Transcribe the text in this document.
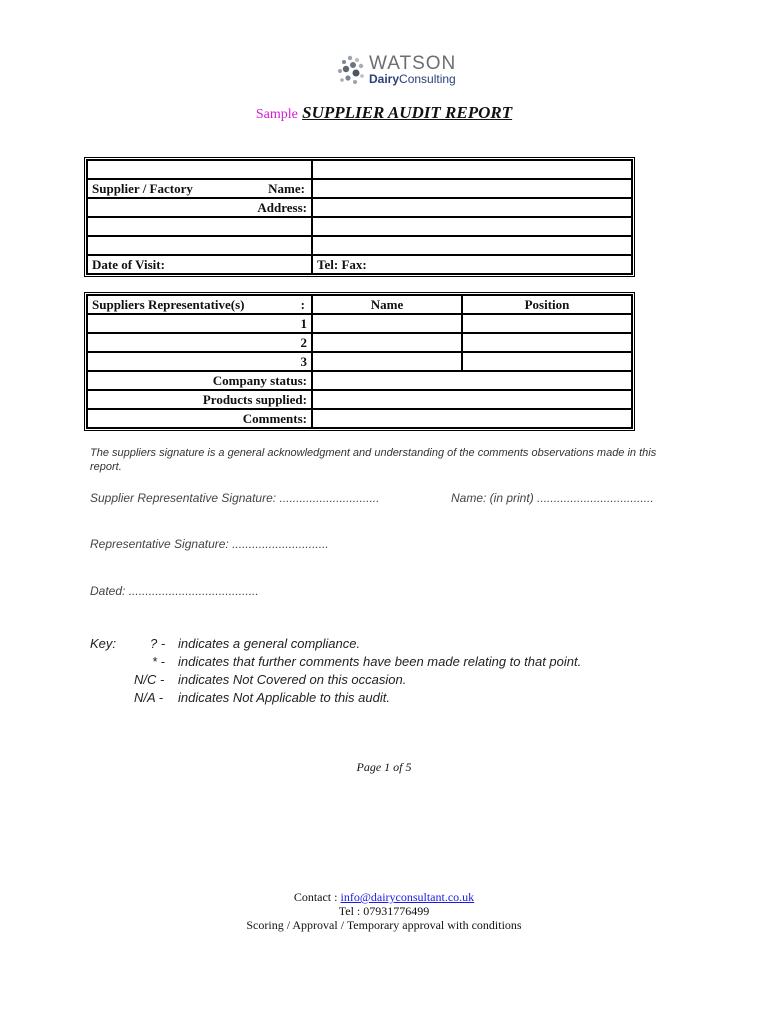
WATSON
DairyConsulting
Sample SUPPLIER AUDIT REPORT

Supplier / Factory Name:	

Address:	

Date of Visit:	Tel: Fax:
Suppliers Representative(s) :	Name	Position
1		
2		
3		
Company status:		
Products supplied:		
Comments:		
The suppliers signature is a general acknowledgment and understanding of the comments observations made in this report.
Supplier Representative Signature: ..............................	Name: (in print) ...................................
Representative Signature: .............................
Dated: .......................................
Key:	? - indicates a general compliance.
* - indicates that further comments have been made relating to that point.
N/C - indicates Not Covered on this occasion.
N/A - indicates Not Applicable to this audit.
Page 1 of 5
Contact : info@dairyconsultant.co.uk
Tel : 07931776499
Scoring / Approval / Temporary approval with conditions
